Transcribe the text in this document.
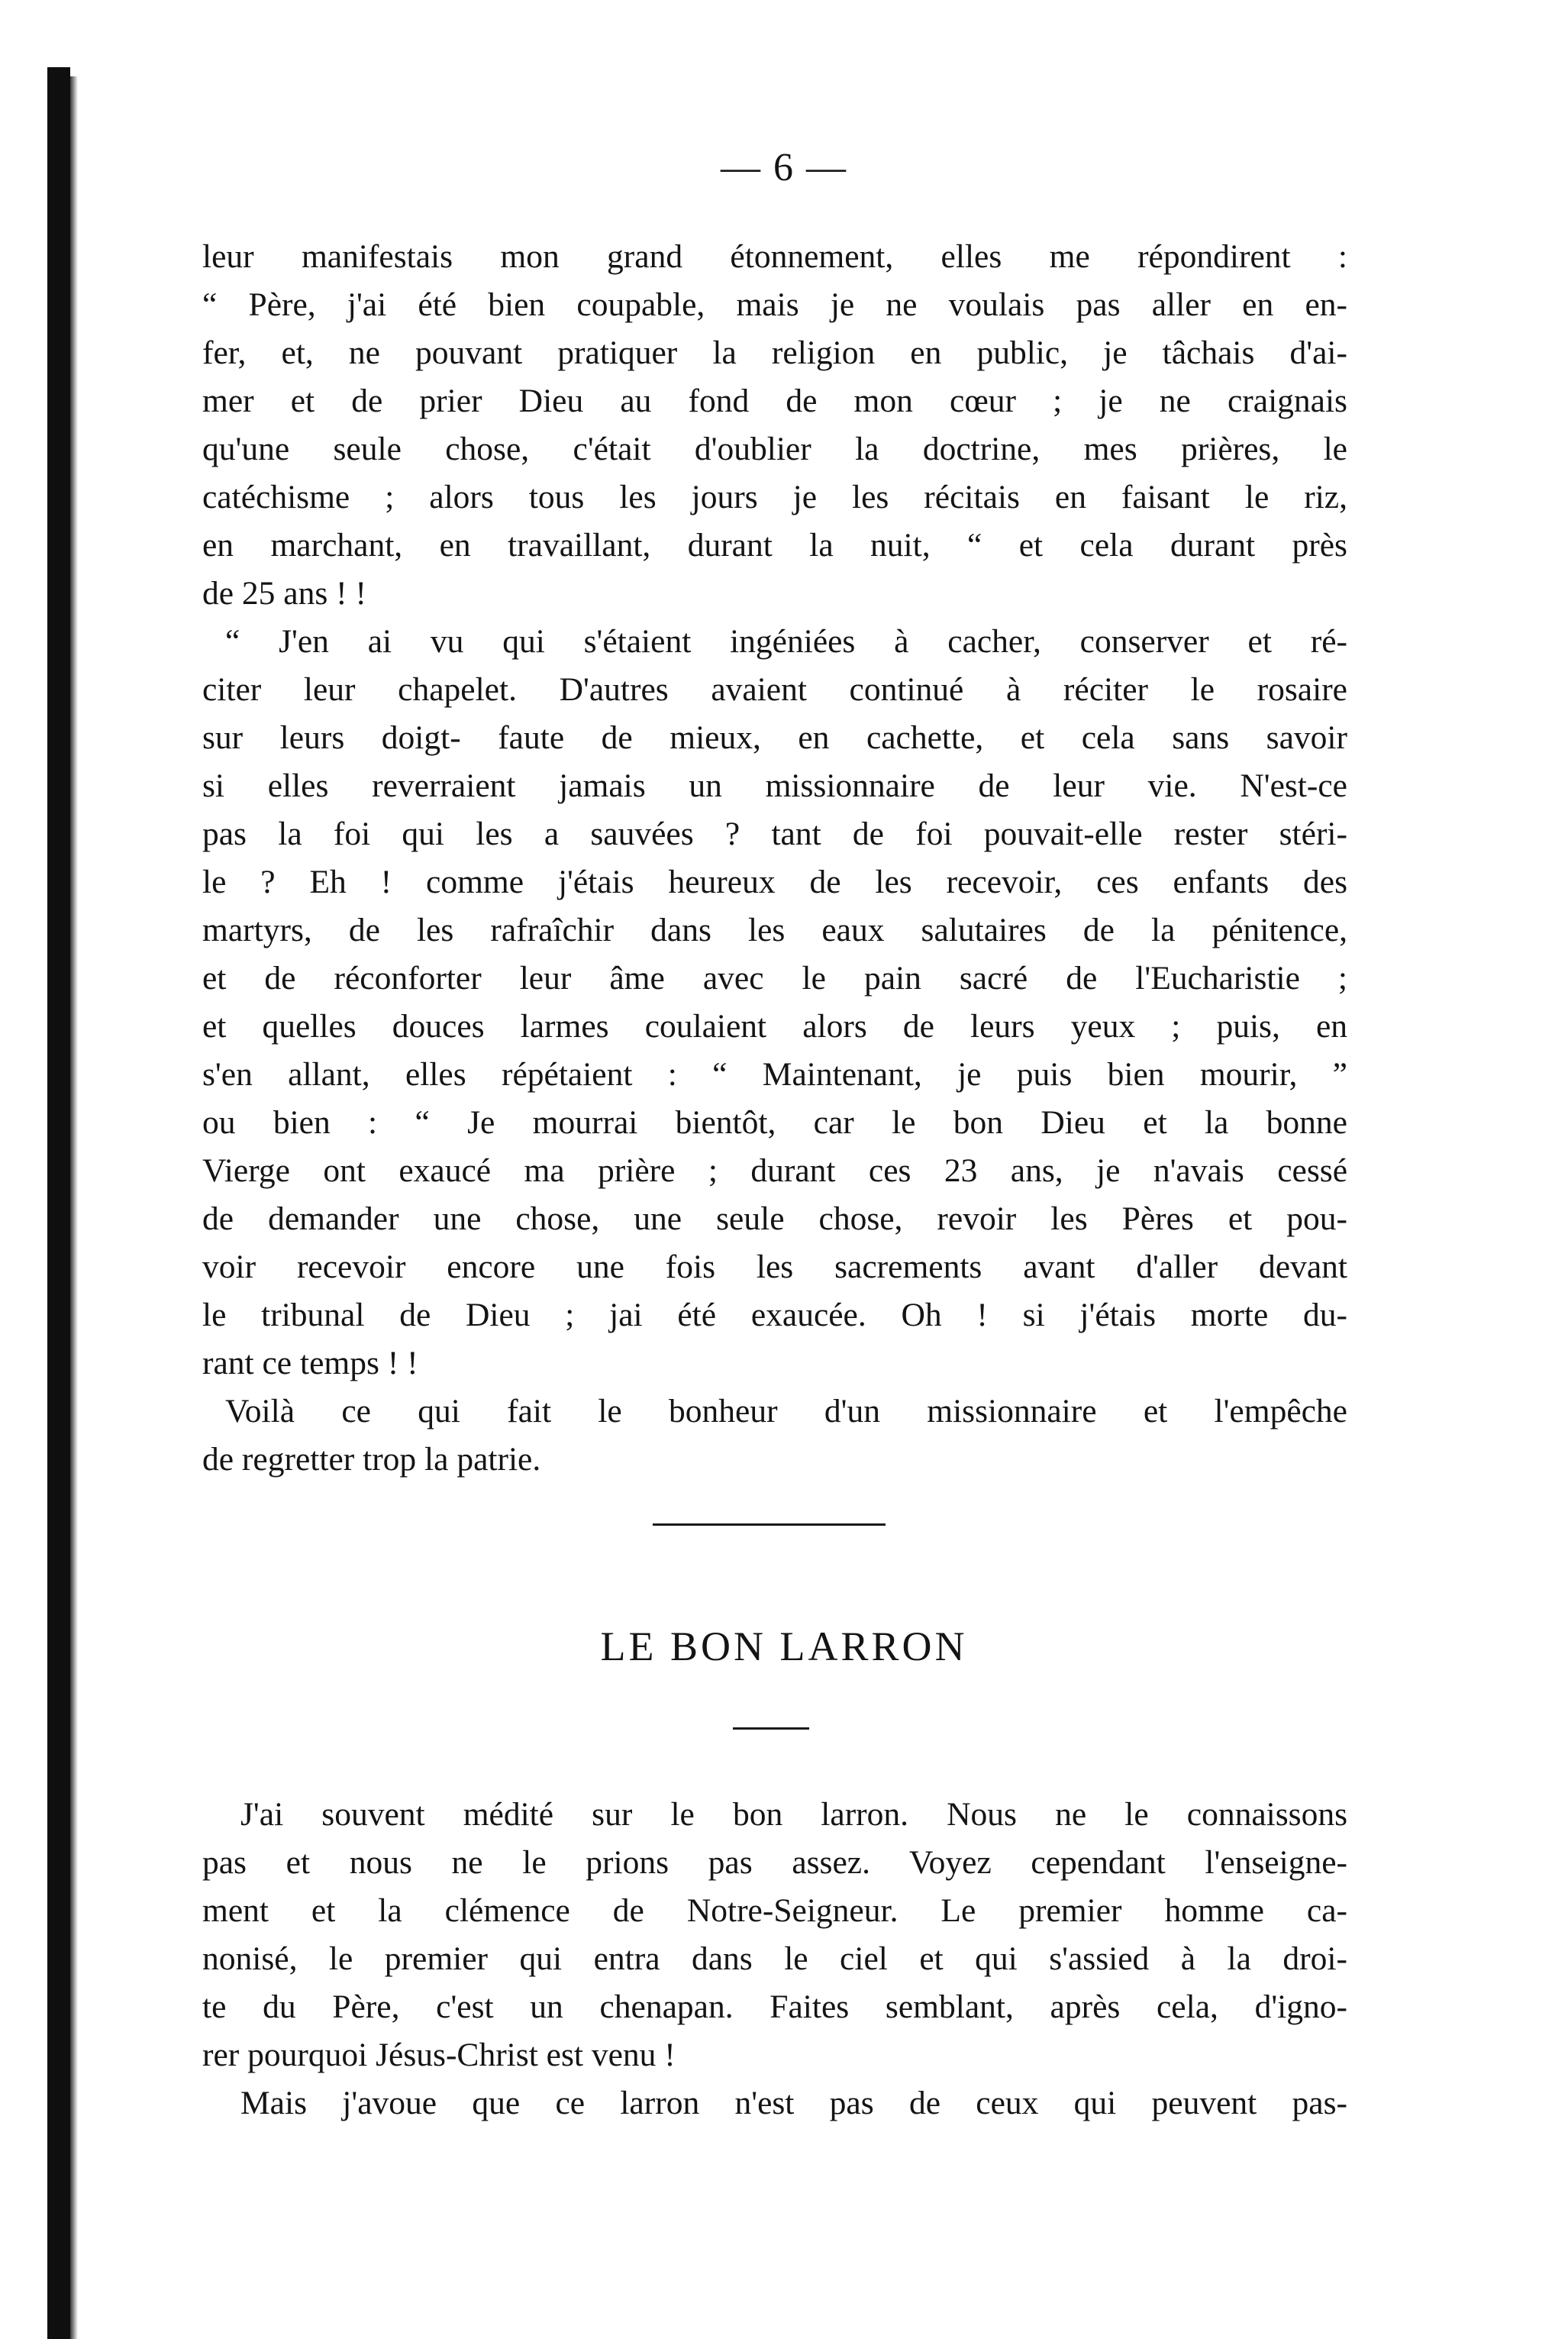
— 6 —
leur manifestais mon grand étonnement, elles me répondirent :
“ Père, j'ai été bien coupable, mais je ne voulais pas aller en en-
fer, et, ne pouvant pratiquer la religion en public, je tâchais d'ai-
mer et de prier Dieu au fond de mon cœur ; je ne craignais
qu'une seule chose, c'était d'oublier la doctrine, mes prières, le
catéchisme ; alors tous les jours je les récitais en faisant le riz,
en marchant, en travaillant, durant la nuit, “ et cela durant près
de 25 ans ! !
“ J'en ai vu qui s'étaient ingéniées à cacher, conserver et ré-
citer leur chapelet. D'autres avaient continué à réciter le rosaire
sur leurs doigt- faute de mieux, en cachette, et cela sans savoir
si elles reverraient jamais un missionnaire de leur vie. N'est-ce
pas la foi qui les a sauvées ? tant de foi pouvait-elle rester stéri-
le ? Eh ! comme j'étais heureux de les recevoir, ces enfants des
martyrs, de les rafraîchir dans les eaux salutaires de la pénitence,
et de réconforter leur âme avec le pain sacré de l'Eucharistie ;
et quelles douces larmes coulaient alors de leurs yeux ; puis, en
s'en allant, elles répétaient : “ Maintenant, je puis bien mourir, ”
ou bien : “ Je mourrai bientôt, car le bon Dieu et la bonne
Vierge ont exaucé ma prière ; durant ces 23 ans, je n'avais cessé
de demander une chose, une seule chose, revoir les Pères et pou-
voir recevoir encore une fois les sacrements avant d'aller devant
le tribunal de Dieu ; jai été exaucée. Oh ! si j'étais morte du-
rant ce temps ! !
Voilà ce qui fait le bonheur d'un missionnaire et l'empêche
de regretter trop la patrie.
LE BON LARRON
J'ai souvent médité sur le bon larron. Nous ne le connaissons
pas et nous ne le prions pas assez. Voyez cependant l'enseigne-
ment et la clémence de Notre-Seigneur. Le premier homme ca-
nonisé, le premier qui entra dans le ciel et qui s'assied à la droi-
te du Père, c'est un chenapan. Faites semblant, après cela, d'igno-
rer pourquoi Jésus-Christ est venu !
Mais j'avoue que ce larron n'est pas de ceux qui peuvent pas-
